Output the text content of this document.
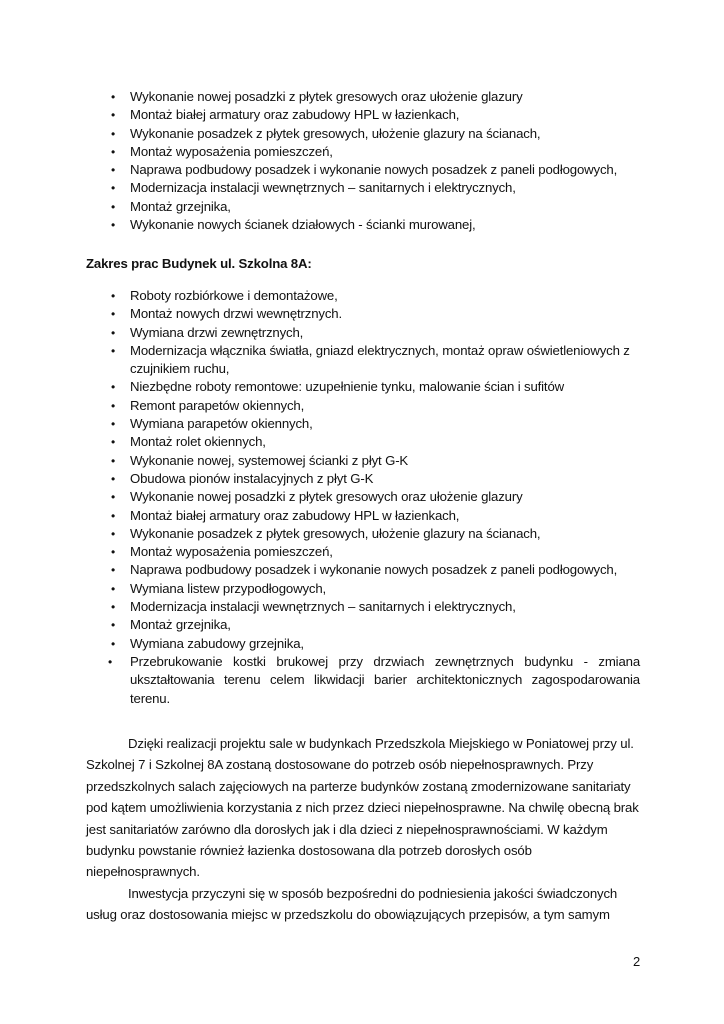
• Wykonanie nowej posadzki z płytek gresowych oraz ułożenie glazury
• Montaż białej armatury oraz zabudowy HPL w łazienkach,
• Wykonanie posadzek z płytek gresowych, ułożenie glazury na ścianach,
• Montaż wyposażenia pomieszczeń,
• Naprawa podbudowy posadzek i wykonanie nowych posadzek z paneli podłogowych,
• Modernizacja instalacji wewnętrznych – sanitarnych i elektrycznych,
• Montaż grzejnika,
• Wykonanie nowych ścianek działowych - ścianki murowanej,
Zakres prac Budynek ul. Szkolna 8A:
• Roboty rozbiórkowe i demontażowe,
• Montaż nowych drzwi wewnętrznych.
• Wymiana drzwi zewnętrznych,
• Modernizacja włącznika światła, gniazd elektrycznych, montaż opraw oświetleniowych z czujnikiem ruchu,
• Niezbędne roboty remontowe: uzupełnienie tynku, malowanie ścian i sufitów
• Remont parapetów okiennych,
• Wymiana parapetów okiennych,
• Montaż rolet okiennych,
• Wykonanie nowej, systemowej ścianki z płyt G-K
• Obudowa pionów instalacyjnych z płyt G-K
• Wykonanie nowej posadzki z płytek gresowych oraz ułożenie glazury
• Montaż białej armatury oraz zabudowy HPL w łazienkach,
• Wykonanie posadzek z płytek gresowych, ułożenie glazury na ścianach,
• Montaż wyposażenia pomieszczeń,
• Naprawa podbudowy posadzek i wykonanie nowych posadzek z paneli podłogowych,
• Wymiana listew przypodłogowych,
• Modernizacja instalacji wewnętrznych – sanitarnych i elektrycznych,
• Montaż grzejnika,
• Wymiana zabudowy grzejnika,
•	Przebrukowanie kostki brukowej przy drzwiach zewnętrznych budynku - zmiana ukształtowania terenu celem likwidacji barier architektonicznych zagospodarowania terenu.

Dzięki realizacji projektu sale w budynkach Przedszkola Miejskiego w Poniatowej przy ul. Szkolnej 7 i Szkolnej 8A zostaną dostosowane do potrzeb osób niepełnosprawnych. Przy przedszkolnych salach zajęciowych na parterze budynków zostaną zmodernizowane sanitariaty pod kątem umożliwienia korzystania z nich przez dzieci niepełnosprawne. Na chwilę obecną brak jest sanitariatów zarówno dla dorosłych jak i dla dzieci z niepełnosprawnościami. W każdym budynku powstanie również łazienka dostosowana dla potrzeb dorosłych osób niepełnosprawnych.

Inwestycja przyczyni się w sposób bezpośredni do podniesienia jakości świadczonych usług oraz dostosowania miejsc w przedszkolu do obowiązujących przepisów, a tym samym

2
